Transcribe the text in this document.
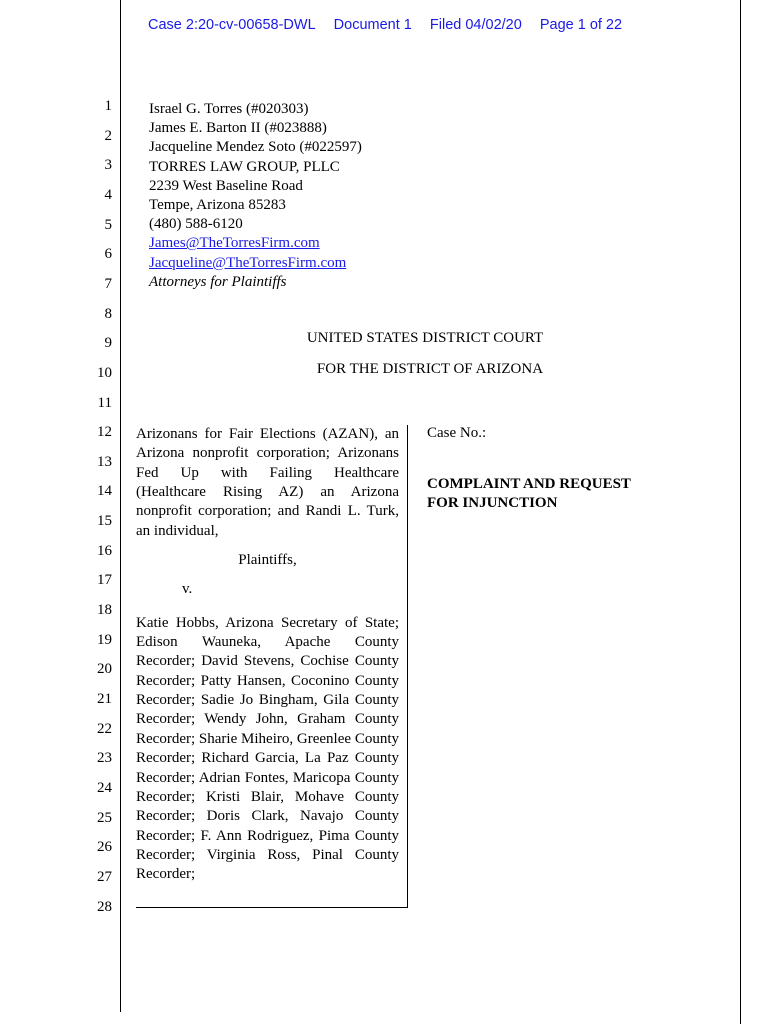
Case 2:20-cv-00658-DWL Document 1 Filed 04/02/20 Page 1 of 22
1
2
3
4
5
6
7
8
9
10
11
12
13
14
15
16
17
18
19
20
21
22
23
24
25
26
27
28
Israel G. Torres (#020303)
James E. Barton II (#023888)
Jacqueline Mendez Soto (#022597)
TORRES LAW GROUP, PLLC
2239 West Baseline Road
Tempe, Arizona 85283
(480) 588-6120
James@TheTorresFirm.com
Jacqueline@TheTorresFirm.com
Attorneys for Plaintiffs
UNITED STATES DISTRICT COURT
FOR THE DISTRICT OF ARIZONA

Arizonans for Fair Elections (AZAN), an Arizona nonprofit corporation; Arizonans Fed Up with Failing Healthcare (Healthcare Rising AZ) an Arizona nonprofit corporation; and Randi L. Turk, an individual,

Plaintiffs,

v.

Katie Hobbs, Arizona Secretary of State; Edison Wauneka, Apache County Recorder; David Stevens, Cochise County Recorder; Patty Hansen, Coconino County Recorder; Sadie Jo Bingham, Gila County Recorder; Wendy John, Graham County Recorder; Sharie Miheiro, Greenlee County Recorder; Richard Garcia, La Paz County Recorder; Adrian Fontes, Maricopa County Recorder; Kristi Blair, Mohave County Recorder; Doris Clark, Navajo County Recorder; F. Ann Rodriguez, Pima County Recorder; Virginia Ross, Pinal County Recorder;

Case No.:
COMPLAINT AND REQUEST
FOR INJUNCTION
